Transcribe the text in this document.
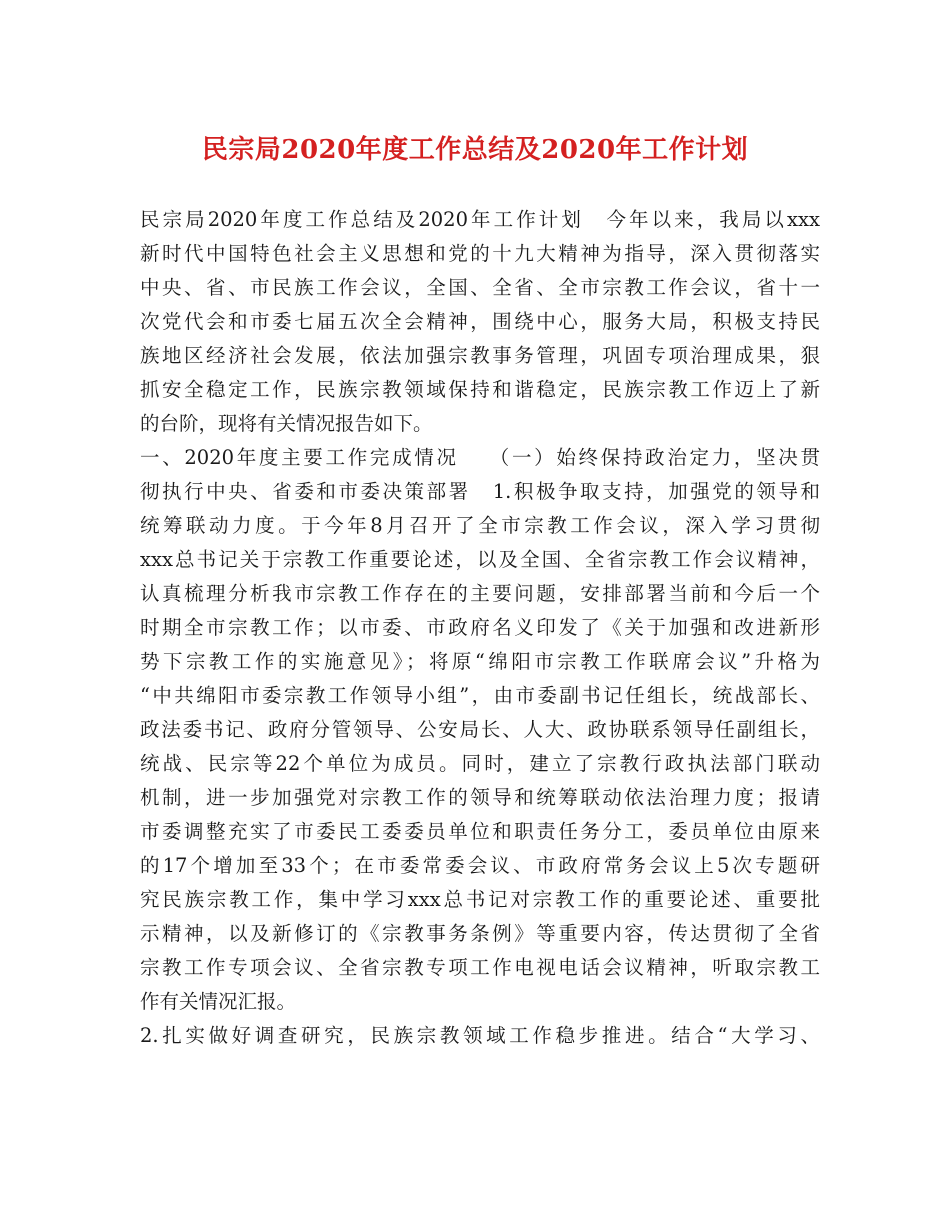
民宗局2020年度工作总结及2020年工作计划
民宗局2020年度工作总结及2020年工作计划　今年以来，我局以xxx
新时代中国特色社会主义思想和党的十九大精神为指导，深入贯彻落实
中央、省、市民族工作会议，全国、全省、全市宗教工作会议，省十一
次党代会和市委七届五次全会精神，围绕中心，服务大局，积极支持民
族地区经济社会发展，依法加强宗教事务管理，巩固专项治理成果，狠
抓安全稳定工作，民族宗教领域保持和谐稳定，民族宗教工作迈上了新
的台阶，现将有关情况报告如下。
一、2020年度主要工作完成情况　 （一）始终保持政治定力，坚决贯
彻执行中央、省委和市委决策部署　1.积极争取支持，加强党的领导和
统筹联动力度。于今年8月召开了全市宗教工作会议，深入学习贯彻
xxx总书记关于宗教工作重要论述，以及全国、全省宗教工作会议精神，
认真梳理分析我市宗教工作存在的主要问题，安排部署当前和今后一个
时期全市宗教工作；以市委、市政府名义印发了《关于加强和改进新形
势下宗教工作的实施意见》；将原“绵阳市宗教工作联席会议”升格为
“中共绵阳市委宗教工作领导小组”，由市委副书记任组长，统战部长、
政法委书记、政府分管领导、公安局长、人大、政协联系领导任副组长，
统战、民宗等22个单位为成员。同时，建立了宗教行政执法部门联动
机制，进一步加强党对宗教工作的领导和统筹联动依法治理力度；报请
市委调整充实了市委民工委委员单位和职责任务分工，委员单位由原来
的17个增加至33个；在市委常委会议、市政府常务会议上5次专题研
究民族宗教工作，集中学习xxx总书记对宗教工作的重要论述、重要批
示精神，以及新修订的《宗教事务条例》等重要内容，传达贯彻了全省
宗教工作专项会议、全省宗教专项工作电视电话会议精神，听取宗教工
作有关情况汇报。
2.扎实做好调查研究，民族宗教领域工作稳步推进。结合“大学习、
